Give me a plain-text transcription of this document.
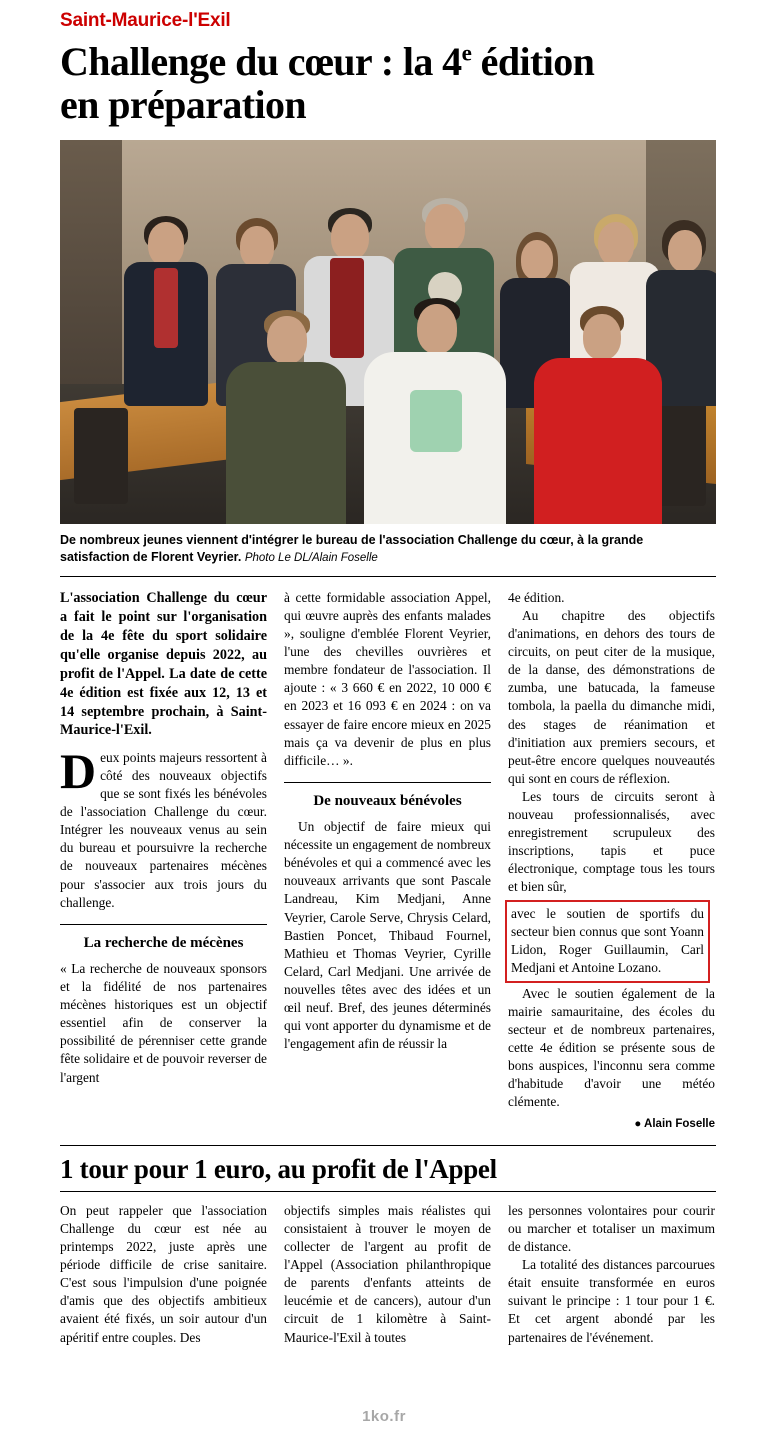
Saint-Maurice-l'Exil
Challenge du cœur : la 4e édition
en préparation
De nombreux jeunes viennent d'intégrer le bureau de l'association Challenge du cœur, à la grande satisfaction de Florent Veyrier. Photo Le DL/Alain Foselle
L'association Challenge du cœur a fait le point sur l'organisation de la 4e fête du sport solidaire qu'elle organise depuis 2022, au profit de l'Appel. La date de cette 4e édition est fixée aux 12, 13 et 14 septembre prochain, à Saint-Maurice-l'Exil.
D eux points majeurs ressortent à côté des nouveaux objectifs que se sont fixés les bénévoles de l'association Challenge du cœur. Intégrer les nouveaux venus au sein du bureau et poursuivre la recherche de nouveaux partenaires mécènes pour s'associer aux trois jours du challenge.
La recherche de mécènes

« La recherche de nouveaux sponsors et la fidélité de nos partenaires mécènes historiques est un objectif essentiel afin de conserver la possibilité de pérenniser cette grande fête solidaire et de pouvoir reverser de l'argent

à cette formidable association Appel, qui œuvre auprès des enfants malades », souligne d'emblée Florent Veyrier, l'une des chevilles ouvrières et membre fondateur de l'association. Il ajoute : « 3 660 € en 2022, 10 000 € en 2023 et 16 093 € en 2024 : on va essayer de faire encore mieux en 2025 mais ça va devenir de plus en plus difficile… ».

De nouveaux bénévoles

Un objectif de faire mieux qui nécessite un engagement de nombreux bénévoles et qui a commencé avec les nouveaux arrivants que sont Pascale Landreau, Kim Medjani, Anne Veyrier, Carole Serve, Chrysis Celard, Bastien Poncet, Thibaud Fournel, Mathieu et Thomas Veyrier, Cyrille Celard, Carl Medjani. Une arrivée de nouvelles têtes avec des idées et un œil neuf. Bref, des jeunes déterminés qui vont apporter du dynamisme et de l'engagement afin de réussir la

4e édition.

Au chapitre des objectifs d'animations, en dehors des tours de circuits, on peut citer de la musique, de la danse, des démonstrations de zumba, une batucada, la fameuse tombola, la paella du dimanche midi, des stages de réanimation et d'initiation aux premiers secours, et peut-être encore quelques nouveautés qui sont en cours de réflexion.

Les tours de circuits seront à nouveau professionnalisés, avec enregistrement scrupuleux des inscriptions, tapis et puce électronique, comptage tous les tours et bien sûr,

avec le soutien de sportifs du secteur bien connus que sont Yoann Lidon, Roger Guillaumin, Carl Medjani et Antoine Lozano.

Avec le soutien également de la mairie samauritaine, des écoles du secteur et de nombreux partenaires, cette 4e édition se présente sous de bons auspices, l'inconnu sera comme d'habitude d'avoir une météo clémente.

● Alain Foselle
1 tour pour 1 euro, au profit de l'Appel

On peut rappeler que l'association Challenge du cœur est née au printemps 2022, juste après une période difficile de crise sanitaire. C'est sous l'impulsion d'une poignée d'amis que des objectifs ambitieux avaient été fixés, un soir autour d'un apéritif entre couples. Des

objectifs simples mais réalistes qui consistaient à trouver le moyen de collecter de l'argent au profit de l'Appel (Association philanthropique de parents d'enfants atteints de leucémie et de cancers), autour d'un circuit de 1 kilomètre à Saint-Maurice-l'Exil à toutes

les personnes volontaires pour courir ou marcher et totaliser un maximum de distance.

La totalité des distances parcourues était ensuite transformée en euros suivant le principe : 1 tour pour 1 €. Et cet argent abondé par les partenaires de l'événement.

1ko.fr
